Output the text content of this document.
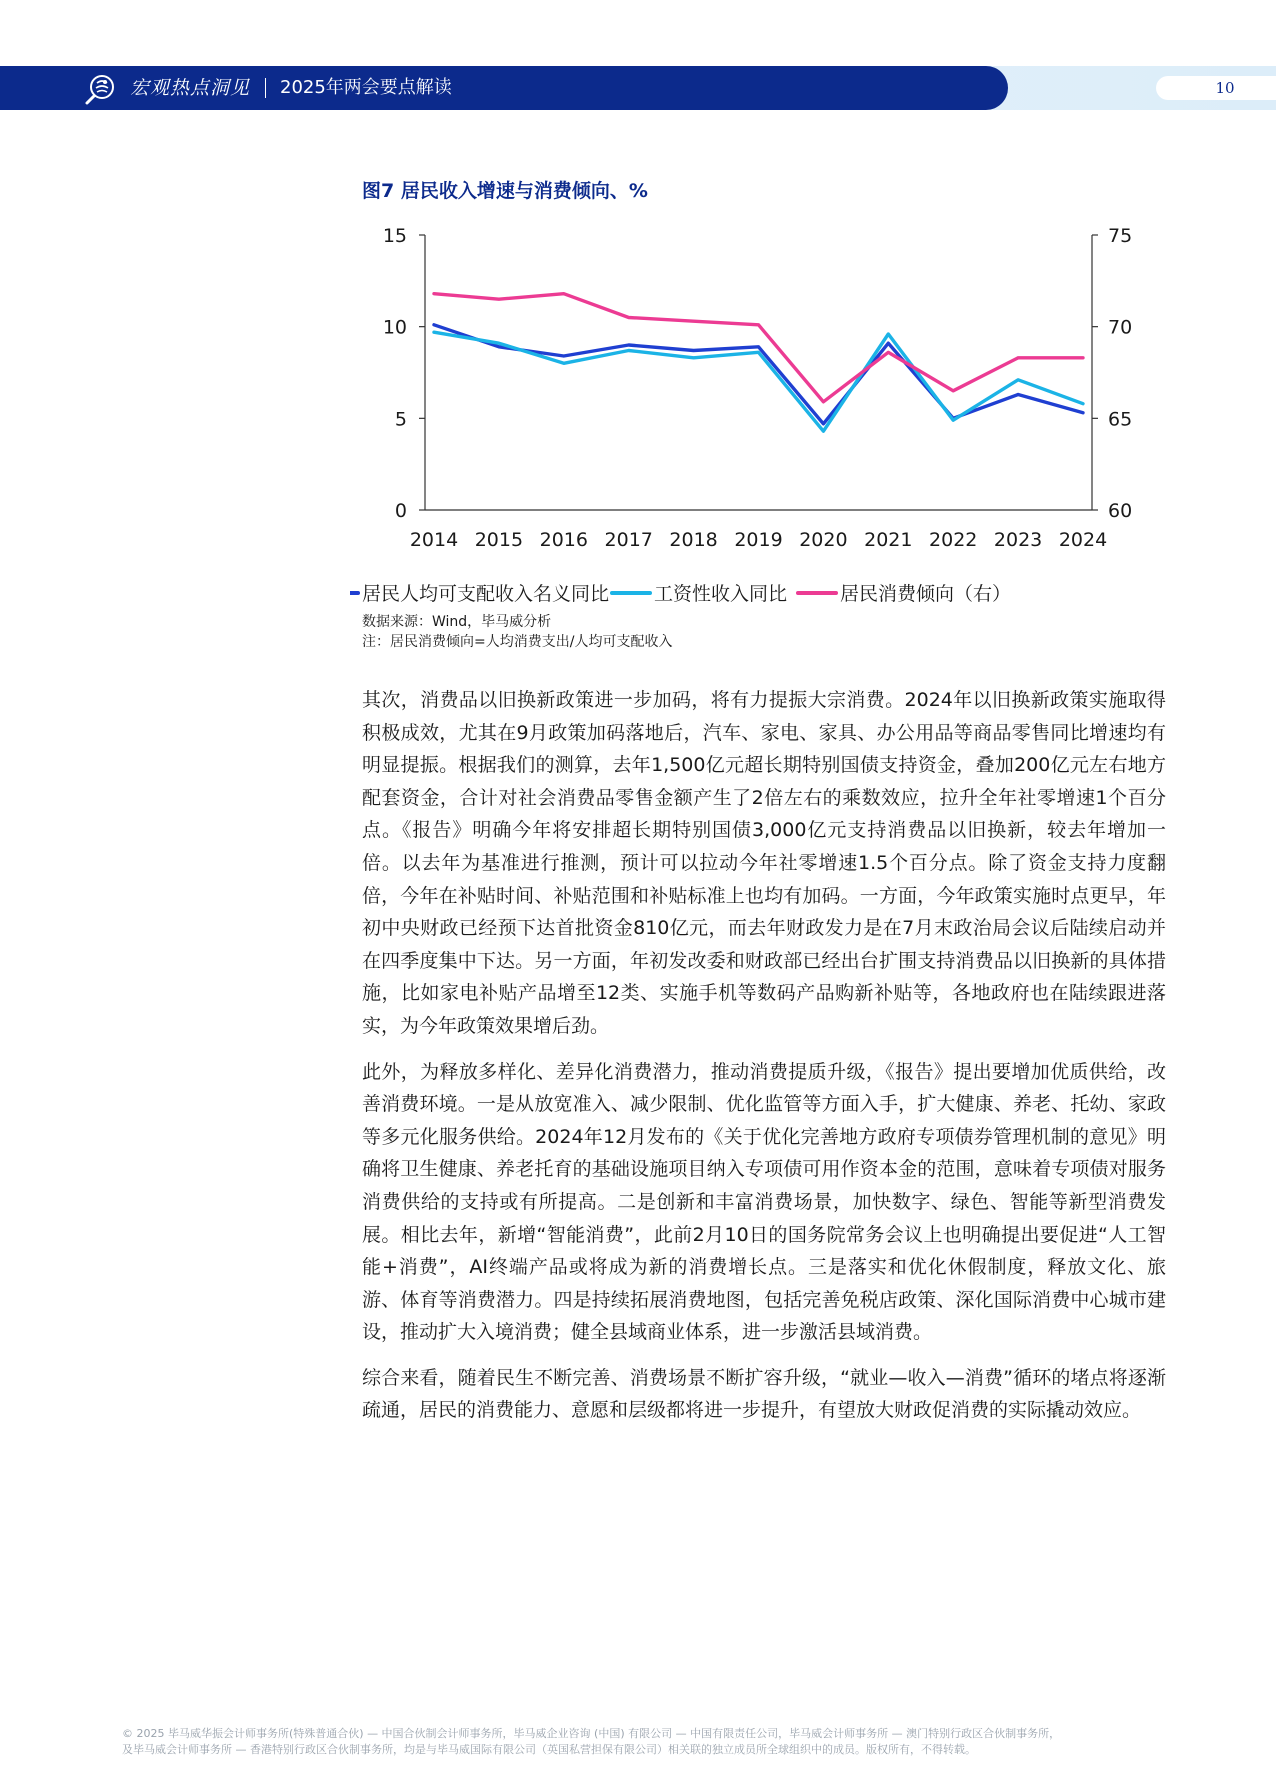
宏观热点洞见 2025年两会要点解读	10
图7 居民收入增速与消费倾向、%
0
5
10
15
60
65
70
75
2014 2015 2016 2017 2018 2019 2020 2021 2022 2023 2024
居民人均可支配收入名义同比 工资性收入同比	居民消费倾向（右）
数据来源：Wind，毕马威分析
注：居民消费倾向=人均消费支出/人均可支配收入

其次，消费品以旧换新政策进一步加码，将有力提振大宗消费。2024年以旧换新政策实施取得积极成效，尤其在9月政策加码落地后，汽车、家电、家具、办公用品等商品零售同比增速均有明显提振。根据我们的测算，去年1,500亿元超长期特别国债支持资金，叠加200亿元左右地方配套资金，合计对社会消费品零售金额产生了2倍左右的乘数效应，拉升全年社零增速1个百分点。《报告》明确今年将安排超长期特别国债3,000亿元支持消费品以旧换新，较去年增加一倍。以去年为基准进行推测，预计可以拉动今年社零增速1.5个百分点。除了资金支持力度翻倍，今年在补贴时间、补贴范围和补贴标准上也均有加码。一方面，今年政策实施时点更早，年初中央财政已经预下达首批资金810亿元，而去年财政发力是在7月末政治局会议后陆续启动并在四季度集中下达。另一方面，年初发改委和财政部已经出台扩围支持消费品以旧换新的具体措施，比如家电补贴产品增至12类、实施手机等数码产品购新补贴等，各地政府也在陆续跟进落实，为今年政策效果增后劲。

此外，为释放多样化、差异化消费潜力，推动消费提质升级，《报告》提出要增加优质供给，改善消费环境。一是从放宽准入、减少限制、优化监管等方面入手，扩大健康、养老、托幼、家政等多元化服务供给。2024年12月发布的《关于优化完善地方政府专项债券管理机制的意见》明确将卫生健康、养老托育的基础设施项目纳入专项债可用作资本金的范围，意味着专项债对服务消费供给的支持或有所提高。二是创新和丰富消费场景，加快数字、绿色、智能等新型消费发展。相比去年，新增“智能消费”，此前2月10日的国务院常务会议上也明确提出要促进“人工智能+消费”，AI终端产品或将成为新的消费增长点。三是落实和优化休假制度，释放文化、旅游、体育等消费潜力。四是持续拓展消费地图，包括完善免税店政策、深化国际消费中心城市建设，推动扩大入境消费；健全县域商业体系，进一步激活县域消费。

综合来看，随着民生不断完善、消费场景不断扩容升级，“就业—收入—消费”循环的堵点将逐渐疏通，居民的消费能力、意愿和层级都将进一步提升，有望放大财政促消费的实际撬动效应。

© 2025 毕马威华振会计师事务所(特殊普通合伙) — 中国合伙制会计师事务所，毕马威企业咨询 (中国) 有限公司 — 中国有限责任公司，毕马威会计师事务所 — 澳门特别行政区合伙制事务所，
及毕马威会计师事务所 — 香港特别行政区合伙制事务所，均是与毕马威国际有限公司（英国私营担保有限公司）相关联的独立成员所全球组织中的成员。版权所有，不得转载。
